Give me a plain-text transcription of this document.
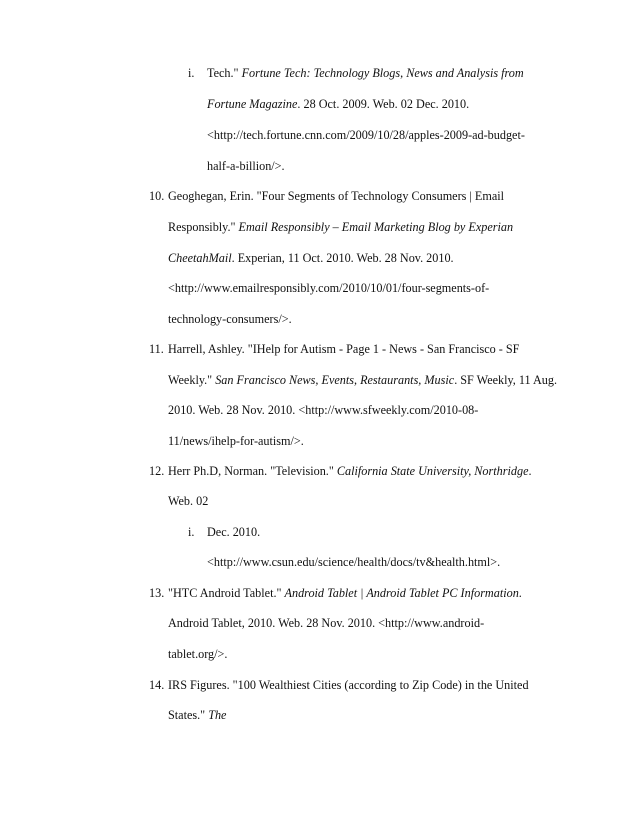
i. Tech." Fortune Tech: Technology Blogs, News and Analysis from
Fortune Magazine. 28 Oct. 2009. Web. 02 Dec. 2010.
<http://tech.fortune.cnn.com/2009/10/28/apples-2009-ad-budget-
half-a-billion/>.
10. Geoghegan, Erin. "Four Segments of Technology Consumers | Email
Responsibly." Email Responsibly – Email Marketing Blog by Experian
CheetahMail. Experian, 11 Oct. 2010. Web. 28 Nov. 2010.
<http://www.emailresponsibly.com/2010/10/01/four-segments-of-
technology-consumers/>.
11. Harrell, Ashley. "IHelp for Autism - Page 1 - News - San Francisco - SF
Weekly." San Francisco News, Events, Restaurants, Music. SF Weekly, 11 Aug.
2010. Web. 28 Nov. 2010. <http://www.sfweekly.com/2010-08-
11/news/ihelp-for-autism/>.
12. Herr Ph.D, Norman. "Television." California State University, Northridge.
Web. 02
i. Dec. 2010.
<http://www.csun.edu/science/health/docs/tv&health.html>.
13. "HTC Android Tablet." Android Tablet | Android Tablet PC Information.
Android Tablet, 2010. Web. 28 Nov. 2010. <http://www.android-
tablet.org/>.
14. IRS Figures. "100 Wealthiest Cities (according to Zip Code) in the United
States." The
